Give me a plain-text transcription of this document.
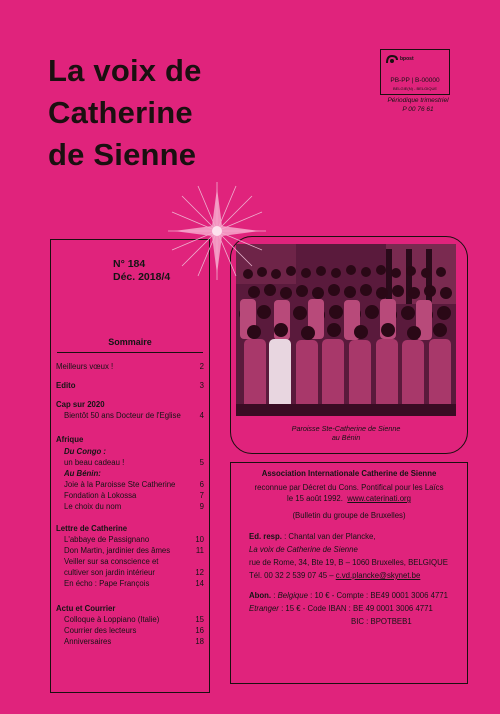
La voix de
Catherine
de Sienne
bpost
PB-PP | B-00000
BELGIE(N) - BELGIQUE
Périodique trimestriel
P 00 76 61
N° 184
Déc. 2018/4
Sommaire
Meilleurs vœux !	2
Edito	3
Cap sur 2020
Bientôt 50 ans Docteur de l'Eglise 4
Afrique
Du Congo :
un beau cadeau !	5
Au Bénin:
Joie à la Paroisse Ste Catherine	6
Fondation à Lokossa	7
Le choix du nom	9
Lettre de Catherine
L'abbaye de Passignano	10
Don Martin, jardinier des âmes	11
Veiller sur sa conscience et
cultiver son jardin intérieur	12
En écho : Pape François	14
Actu et Courrier
Colloque à Loppiano (Italie)	15
Courrier des lecteurs	16
Anniversaires	18
Paroisse Ste-Catherine de Sienne
au Bénin
Association Internationale Catherine de Sienne
reconnue par Décret du Cons. Pontifical pour les Laïcs
le 15 août 1992. www.caterinati.org
(Bulletin du groupe de Bruxelles)
Ed. resp. : Chantal van der Plancke,
La voix de Catherine de Sienne
rue de Rome, 34, Bte 19, B – 1060 Bruxelles, BELGIQUE
Tél. 00 32 2 539 07 45 – c.vd.plancke@skynet.be
Abon. : Belgique : 10 € - Compte : BE49 0001 3006 4771
Etranger : 15 € - Code IBAN : BE 49 0001 3006 4771
BIC : BPOTBEB1
